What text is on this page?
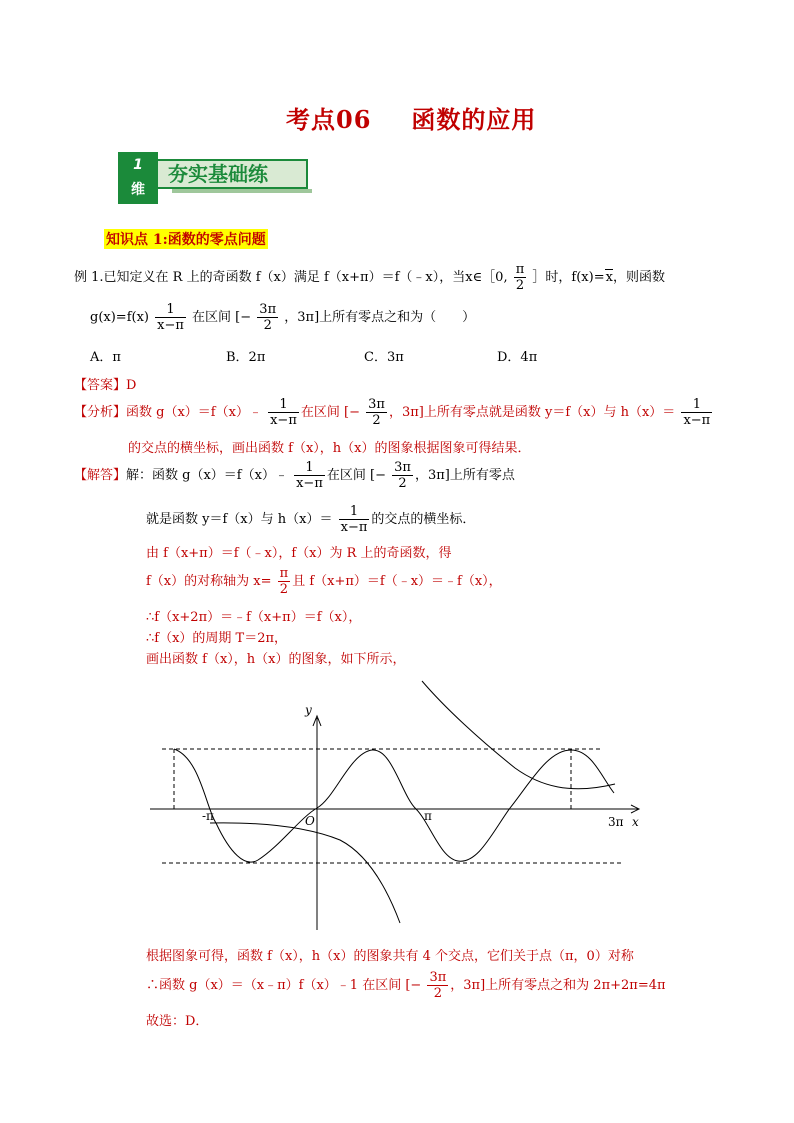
考点06 函数的应用
1
维
夯实基础练
知识点 1:函数的零点问题
例 1.已知定义在 R 上的奇函数 f（x）满足 f（x+π）＝f（﹣x），当x∈［0, $\frac{\pi}{2}$ ］时，f(x)=x，则函数
$g(x)=f(x) \frac{1}{x-\pi}$ 在区间 [− $\frac{3\pi}{2}$ ，3π]上所有零点之和为（　　）
A．π	B．2π	C．3π	D．4π
【答案】D
【分析】函数 g（x）＝f（x）﹣ $\frac{1}{x-\pi}$ 在区间 [− $\frac{3\pi}{2}$ ，3π]上所有零点就是函数 y＝f（x）与 $h(x)= \frac{1}{x-\pi}$
的交点的横坐标，画出函数 f（x），h（x）的图象根据图象可得结果．
【解答】解：函数 g（x）＝f（x）﹣ $\frac{1}{x-\pi}$ 在区间 [− $\frac{3\pi}{2}$ ，3π]上所有零点
就是函数 y＝f（x）与 $h(x)= \frac{1}{x-\pi}$ 的交点的横坐标．
由 f（x+π）＝f（﹣x），f（x）为 R 上的奇函数，得
f（x）的对称轴为 $x= \frac{\pi}{2}$ 且 f（x+π）＝f（﹣x）＝﹣f（x），
∴f（x+2π）＝﹣f（x+π）＝f（x），
∴f（x）的周期 T＝2π，
画出函数 f（x），h（x）的图象，如下所示，
y
x
O
-π	π	3π
根据图象可得，函数 f（x），h（x）的图象共有 4 个交点，它们关于点（π，0）对称
∴函数 g（x）＝（x﹣π）f（x）﹣1 在区间 [− $\frac{3\pi}{2}$ ，3π]上所有零点之和为 2π+2π=4π
故选：D．
